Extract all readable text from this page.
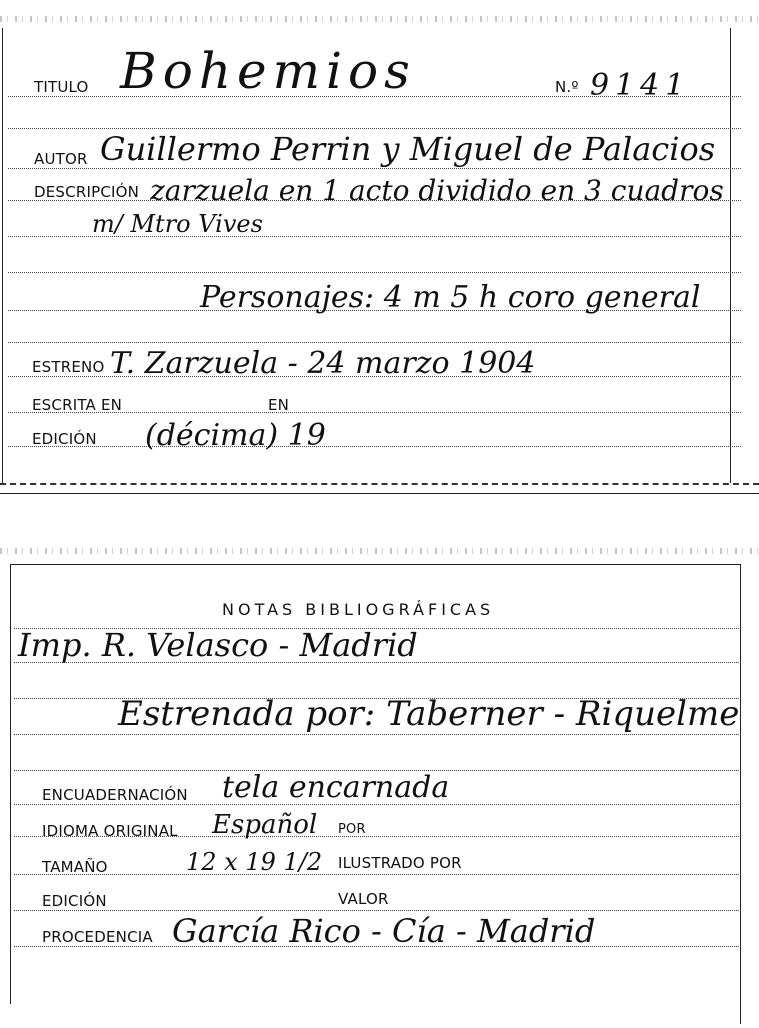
TITULO Bohemios	N.º 9141
AUTOR Guillermo Perrin y Miguel de Palacios
DESCRIPCIÓN zarzuela en 1 acto dividido en 3 cuadros
m/ Mtro Vives
Personajes: 4 m 5 h coro general
ESTRENO T. Zarzuela - 24 marzo 1904
ESCRITA EN	EN
EDICIÓN (décima) 19
NOTAS BIBLIOGRÁFICAS
Imp. R. Velasco - Madrid
Estrenada por: Taberner - Riquelme
ENCUADERNACIÓN tela encarnada
IDIOMA ORIGINAL Español POR
TAMAÑO	12 x 19 1/2 ILUSTRADO POR
EDICIÓN	VALOR
PROCEDENCIA García Rico - Cía - Madrid
